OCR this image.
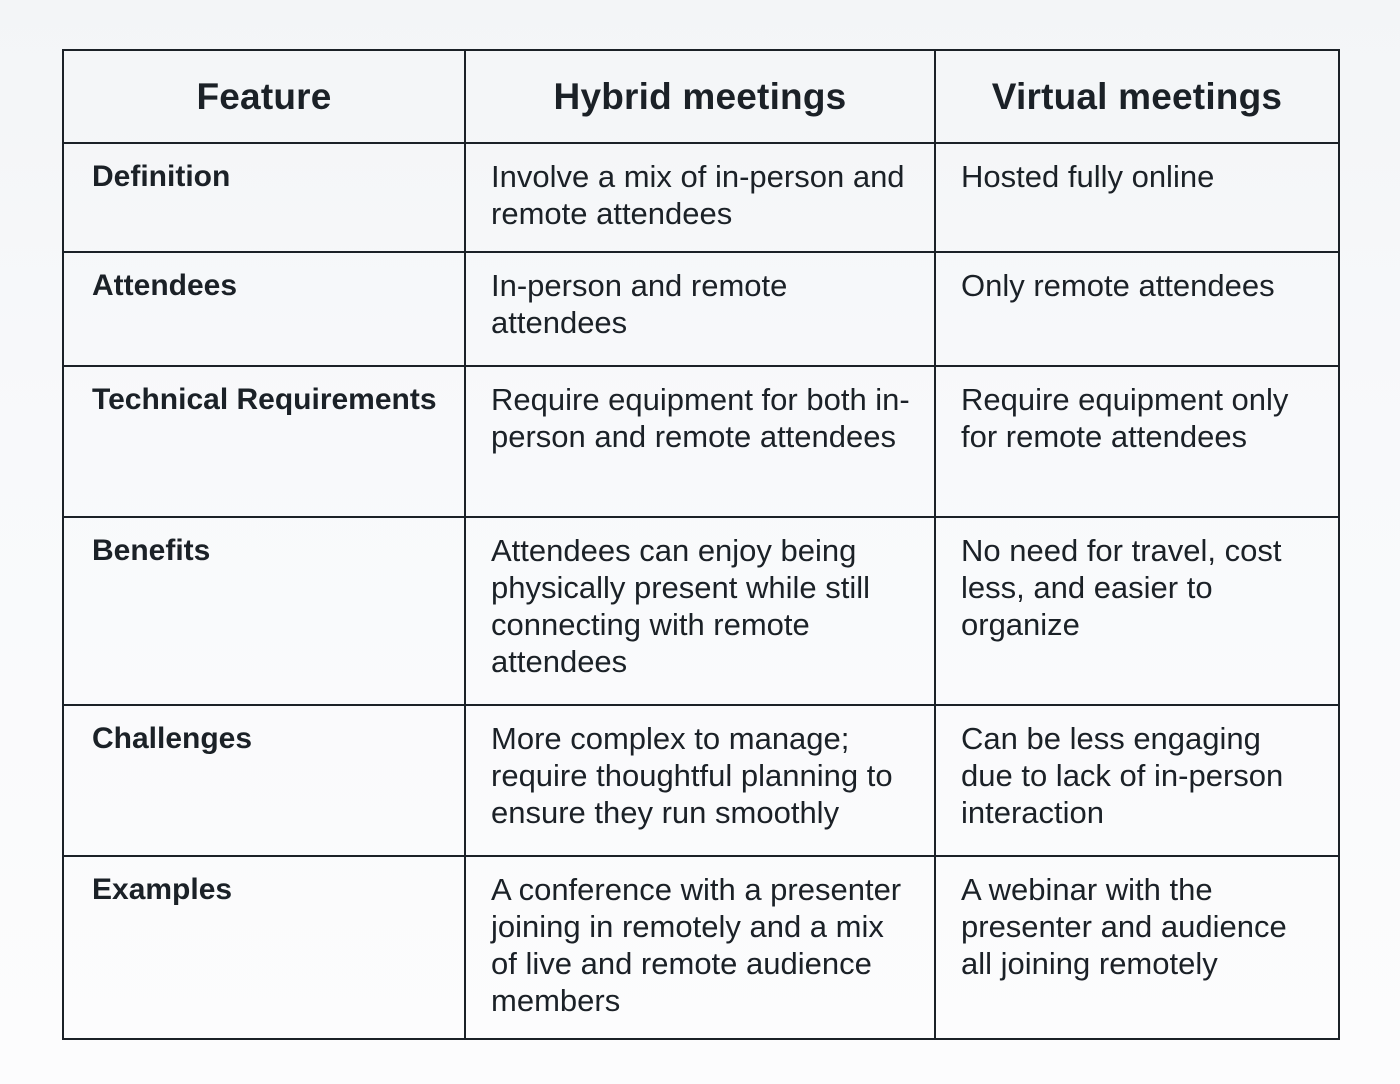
Feature	Hybrid meetings	Virtual meetings
Definition	Involve a mix of in-person and remote attendees	Hosted fully online
Attendees	In-person and remote attendees	Only remote attendees
Technical Requirements	Require equipment for both in-person and remote attendees	Require equipment only for remote attendees
Benefits	Attendees can enjoy being physically present while still connecting with remote attendees	No need for travel, cost less, and easier to organize
Challenges	More complex to manage; require thoughtful planning to ensure they run smoothly	Can be less engaging due to lack of in-person interaction
Examples	A conference with a presenter joining in remotely and a mix of live and remote audience members	A webinar with the presenter and audience all joining remotely
